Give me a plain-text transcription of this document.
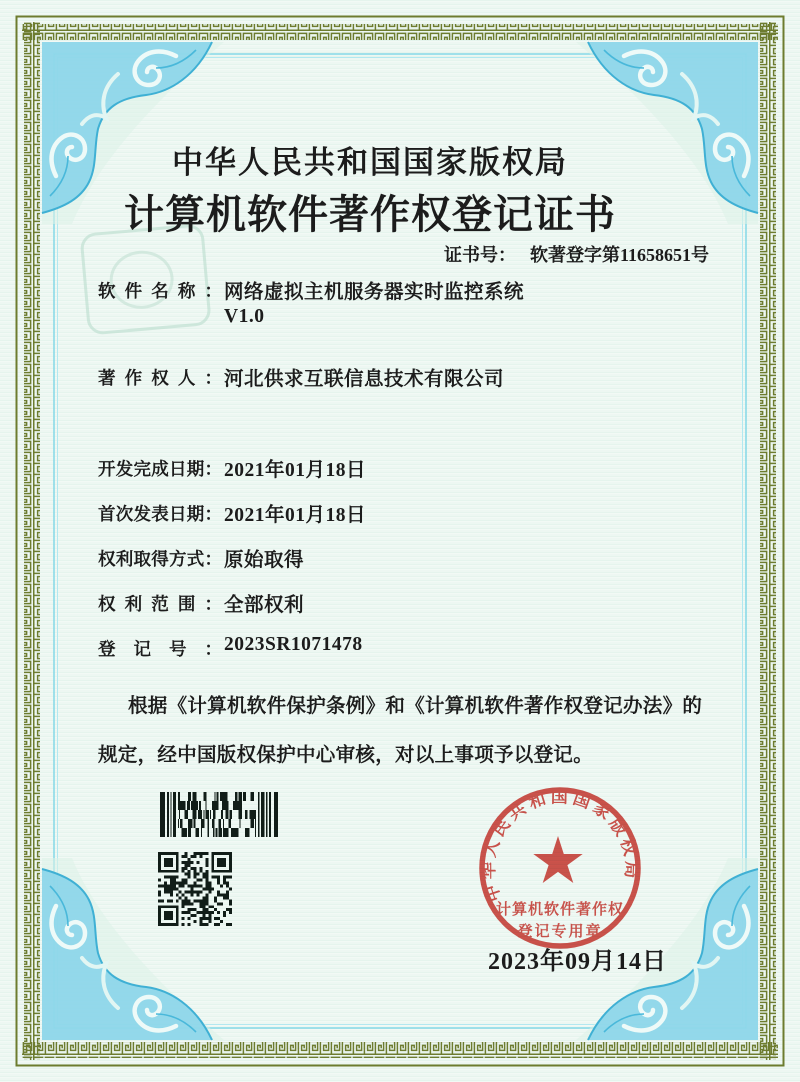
中华人民共和国国家版权局
计算机软件著作权登记证书
证书号： 软著登字第11658651号
软 件 名 称 ： 网络虚拟主机服务器实时监控系统
V1.0
著 作 权 人 ： 河北供求互联信息技术有限公司
开 发 完 成 日 期 ： 2021年01月18日
首 次 发 表 日 期 ： 2021年01月18日
权 利 取 得 方 式 ： 原始取得
权 利 范 围 ： 全部权利
登 记 号 ： 2023SR1071478

根据《计算机软件保护条例》和《计算机软件著作权登记办法》的规定，经中国版权保护中心审核，对以上事项予以登记。

中华人民共和国国家版权局
计算机软件著作权
登记专用章
2023年09月14日
